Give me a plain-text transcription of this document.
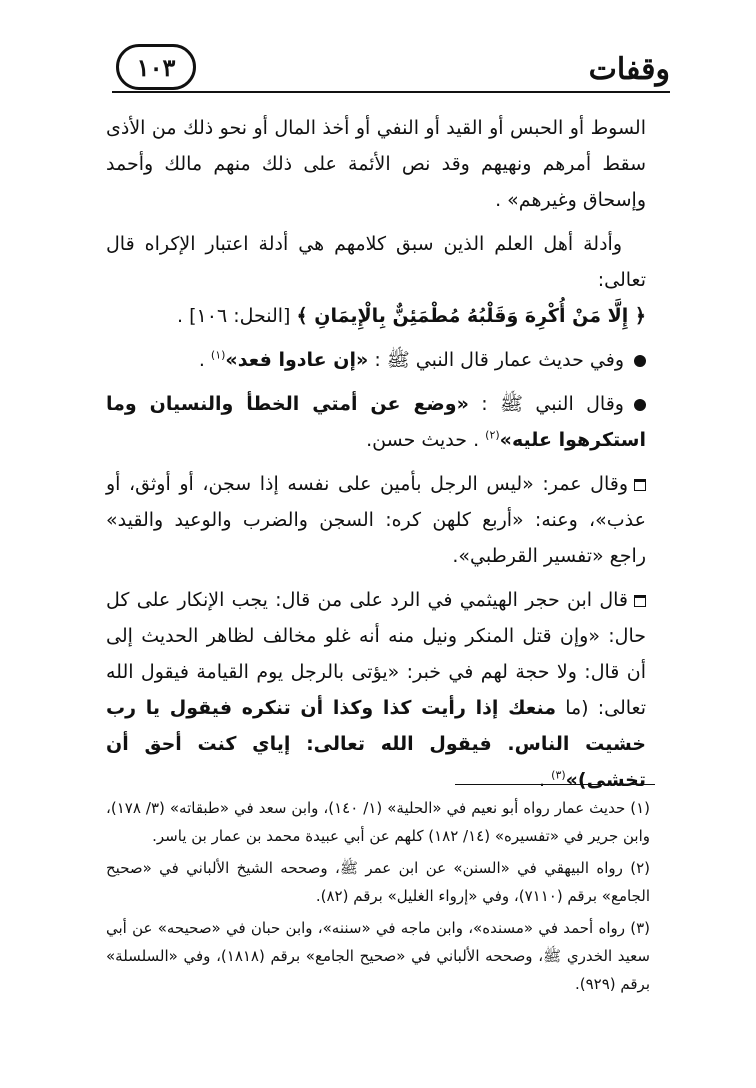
وقفات
١٠٣

السوط أو الحبس أو القيد أو النفي أو أخذ المال أو نحو ذلك من الأذى سقط أمرهم ونهيهم وقد نص الأئمة على ذلك منهم مالك وأحمد وإسحاق وغيرهم» .

وأدلة أهل العلم الذين سبق كلامهم هي أدلة اعتبار الإكراه قال تعالى:

﴿ إِلَّا مَنْ أُكْرِهَ وَقَلْبُهُ مُطْمَئِنٌّ بِالْإِيمَانِ ﴾ [النحل: ١٠٦] .

وفي حديث عمار قال النبي ﷺ : «إن عادوا فعد»$^{(١)}$ .

وقال النبي ﷺ : «وضع عن أمتي الخطأ والنسيان وما استكرهوا عليه»$^{(٢)}$ . حديث حسن.

وقال عمر: «ليس الرجل بأمين على نفسه إذا سجن، أو أوثق، أو عذب»، وعنه: «أربع كلهن كره: السجن والضرب والوعيد والقيد» راجع «تفسير القرطبي».

قال ابن حجر الهيثمي في الرد على من قال: يجب الإنكار على كل حال: «وإن قتل المنكر ونيل منه أنه غلو مخالف لظاهر الحديث إلى أن قال: ولا حجة لهم في خبر: «يؤتى بالرجل يوم القيامة فيقول الله تعالى: (ما منعك إذا رأيت كذا وكذا أن تنكره فيقول يا رب خشيت الناس. فيقول الله تعالى: إياي كنت أحق أن تخشى)»$^{(٣)}$ .

(١) حديث عمار رواه أبو نعيم في «الحلية» (١/ ١٤٠)، وابن سعد في «طبقاته» (٣/ ١٧٨)، وابن جرير في «تفسيره» (١٤/ ١٨٢) كلهم عن أبي عبيدة محمد بن عمار بن ياسر.

(٢) رواه البيهقي في «السنن» عن ابن عمر ﷺ، وصححه الشيخ الألباني في «صحيح الجامع» برقم (٧١١٠)، وفي «إرواء الغليل» برقم (٨٢).

(٣) رواه أحمد في «مسنده»، وابن ماجه في «سننه»، وابن حبان في «صحيحه» عن أبي سعيد الخدري ﷺ، وصححه الألباني في «صحيح الجامع» برقم (١٨١٨)، وفي «السلسلة» برقم (٩٢٩).
